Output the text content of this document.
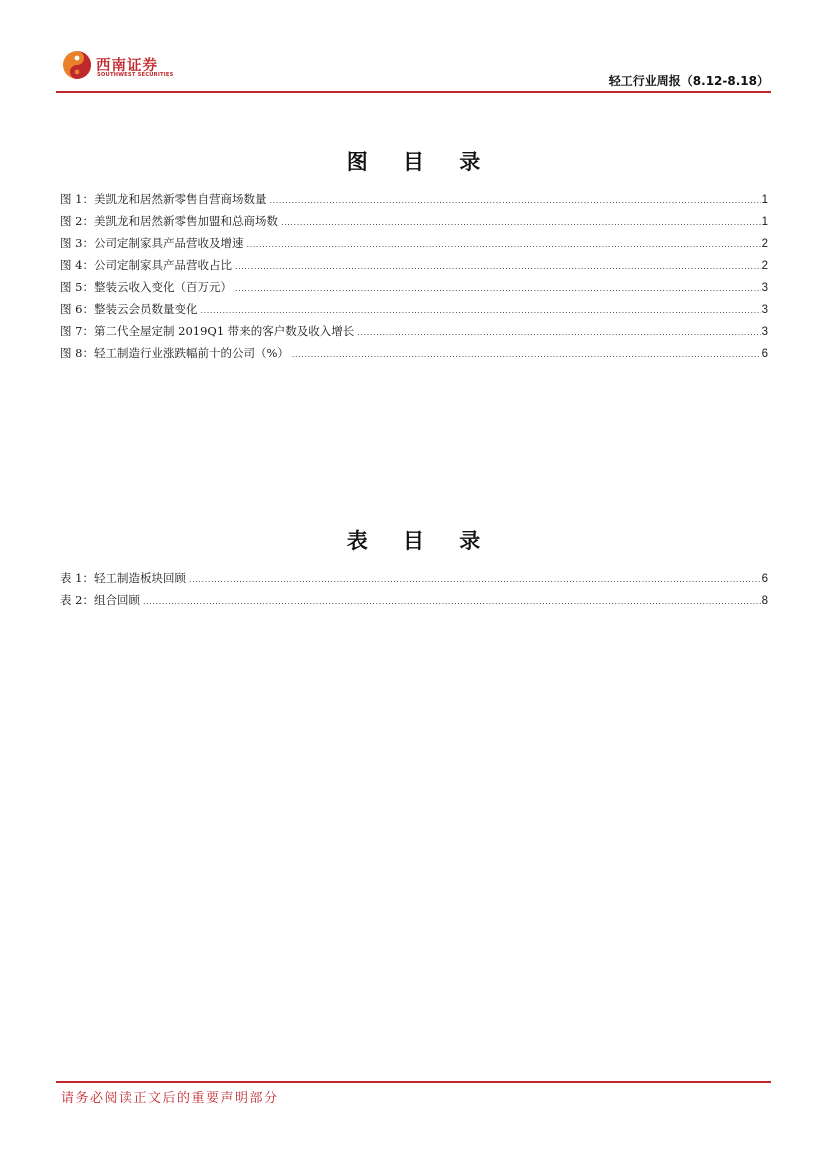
西南证券
SOUTHWEST SECURITIES	轻工行业周报（8.12-8.18）
图 目 录
图 1：美凯龙和居然新零售自营商场数量 .....	1
图 2：美凯龙和居然新零售加盟和总商场数 .....	1
图 3：公司定制家具产品营收及增速 .....	2
图 4：公司定制家具产品营收占比 .....	2
图 5：整装云收入变化（百万元） .....	3
图 6：整装云会员数量变化 .....	3
图 7：第二代全屋定制 2019Q1 带来的客户数及收入增长 .....	3
图 8：轻工制造行业涨跌幅前十的公司（%） .....	6
表 目 录
表 1：轻工制造板块回顾 .....	6
表 2：组合回顾 .....	8
请务必阅读正文后的重要声明部分
